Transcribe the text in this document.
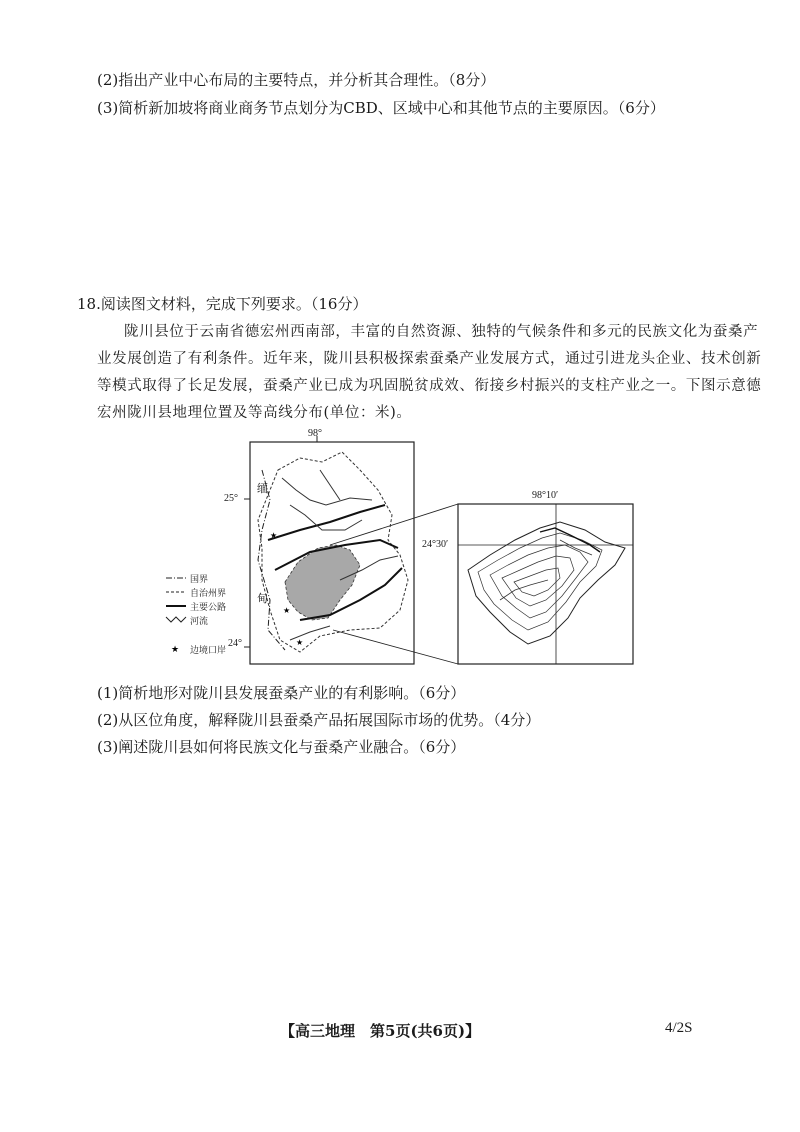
(2)指出产业中心布局的主要特点，并分析其合理性。（8分）
(3)简析新加坡将商业商务节点划分为CBD、区域中心和其他节点的主要原因。（6分）
18.阅读图文材料，完成下列要求。（16分）
陇川县位于云南省德宏州西南部，丰富的自然资源、独特的气候条件和多元的民族文化为蚕桑产
业发展创造了有利条件。近年来，陇川县积极探索蚕桑产业发展方式，通过引进龙头企业、技术创新
等模式取得了长足发展，蚕桑产业已成为巩固脱贫成效、衔接乡村振兴的支柱产业之一。下图示意德
宏州陇川县地理位置及等高线分布(单位：米)。
★
★
★
★
98°
25°
24°
缅
甸
国界
自治州界
主要公路
河流
边境口岸
98°10′
24°30′
(1)简析地形对陇川县发展蚕桑产业的有利影响。（6分）
(2)从区位角度，解释陇川县蚕桑产品拓展国际市场的优势。（4分）
(3)阐述陇川县如何将民族文化与蚕桑产业融合。（6分）
【高三地理　第5页(共6页)】	4/2S
